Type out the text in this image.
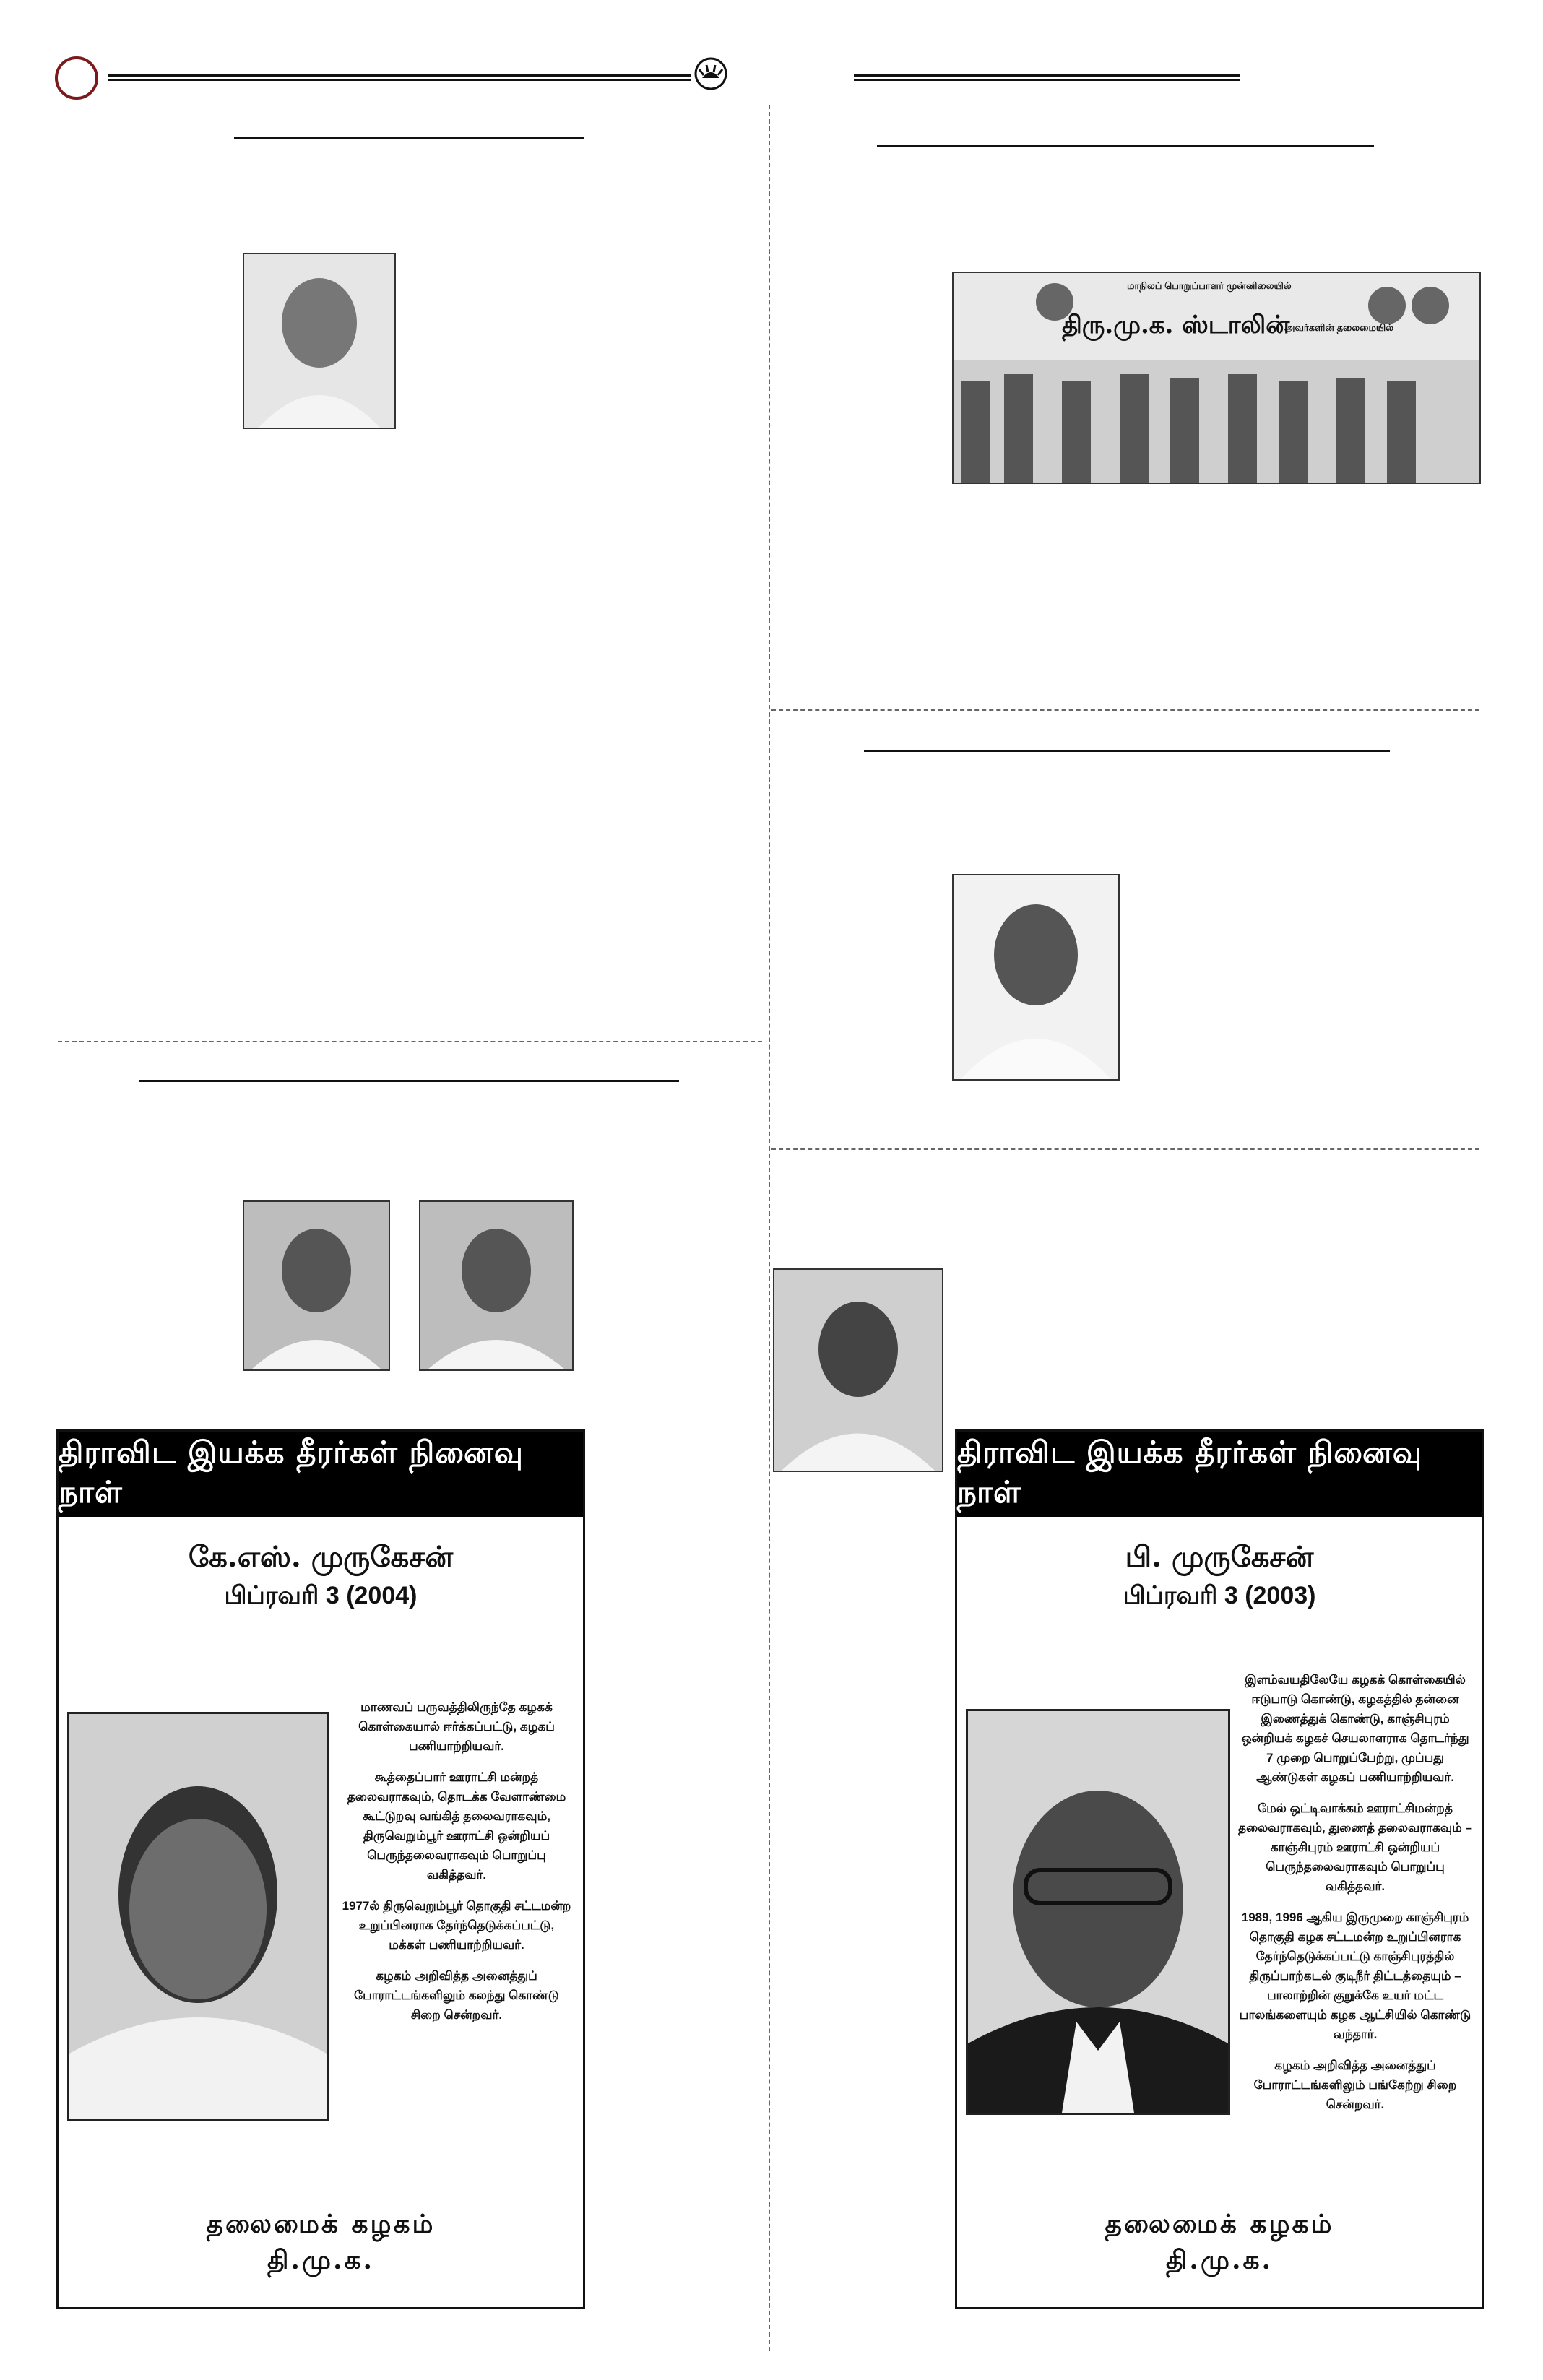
மாநிலப் பொறுப்பாளர் முன்னிலையில்
திரு.மு.க. ஸ்டாலின்
அவர்களின் தலைமையில்
திராவிட இயக்க தீரர்கள் நினைவு நாள்
கே.எஸ். முருகேசன்
பிப்ரவரி 3 (2004)

மாணவப் பருவத்திலிருந்தே கழகக் கொள்கையால் ஈர்க்கப்பட்டு, கழகப் பணியாற்றியவர்.

கூத்தைப்பார் ஊராட்சி மன்றத் தலைவராகவும், தொடக்க வேளாண்மை கூட்டுறவு வங்கித் தலைவராகவும், திருவெறும்பூர் ஊராட்சி ஒன்றியப் பெருந்தலைவராகவும் பொறுப்பு வகித்தவர்.

1977ல் திருவெறும்பூர் தொகுதி சட்டமன்ற உறுப்பினராக தேர்ந்தெடுக்கப்பட்டு, மக்கள் பணியாற்றியவர்.

கழகம் அறிவித்த அனைத்துப் போராட்டங்களிலும் கலந்து கொண்டு சிறை சென்றவர்.

தலைமைக் கழகம்
தி.மு.க.
திராவிட இயக்க தீரர்கள் நினைவு நாள்
பி. முருகேசன்
பிப்ரவரி 3 (2003)

இளம்வயதிலேயே கழகக் கொள்கையில் ஈடுபாடு கொண்டு, கழகத்தில் தன்னை இணைத்துக் கொண்டு, காஞ்சிபுரம் ஒன்றியக் கழகச் செயலாளராக தொடர்ந்து 7 முறை பொறுப்பேற்று, முப்பது ஆண்டுகள் கழகப் பணியாற்றியவர்.

மேல் ஒட்டிவாக்கம் ஊராட்சிமன்றத் தலைவராகவும், துணைத் தலைவராகவும் – காஞ்சிபுரம் ஊராட்சி ஒன்றியப் பெருந்தலைவராகவும் பொறுப்பு வகித்தவர்.

1989, 1996 ஆகிய இருமுறை காஞ்சிபுரம் தொகுதி கழக சட்டமன்ற உறுப்பினராக தேர்ந்தெடுக்கப்பட்டு காஞ்சிபுரத்தில் திருப்பாற்கடல் குடிநீர் திட்டத்தையும் – பாலாற்றின் குறுக்கே உயர் மட்ட பாலங்களையும் கழக ஆட்சியில் கொண்டு வந்தார்.

கழகம் அறிவித்த அனைத்துப் போராட்டங்களிலும் பங்கேற்று சிறை சென்றவர்.

தலைமைக் கழகம்
தி.மு.க.
